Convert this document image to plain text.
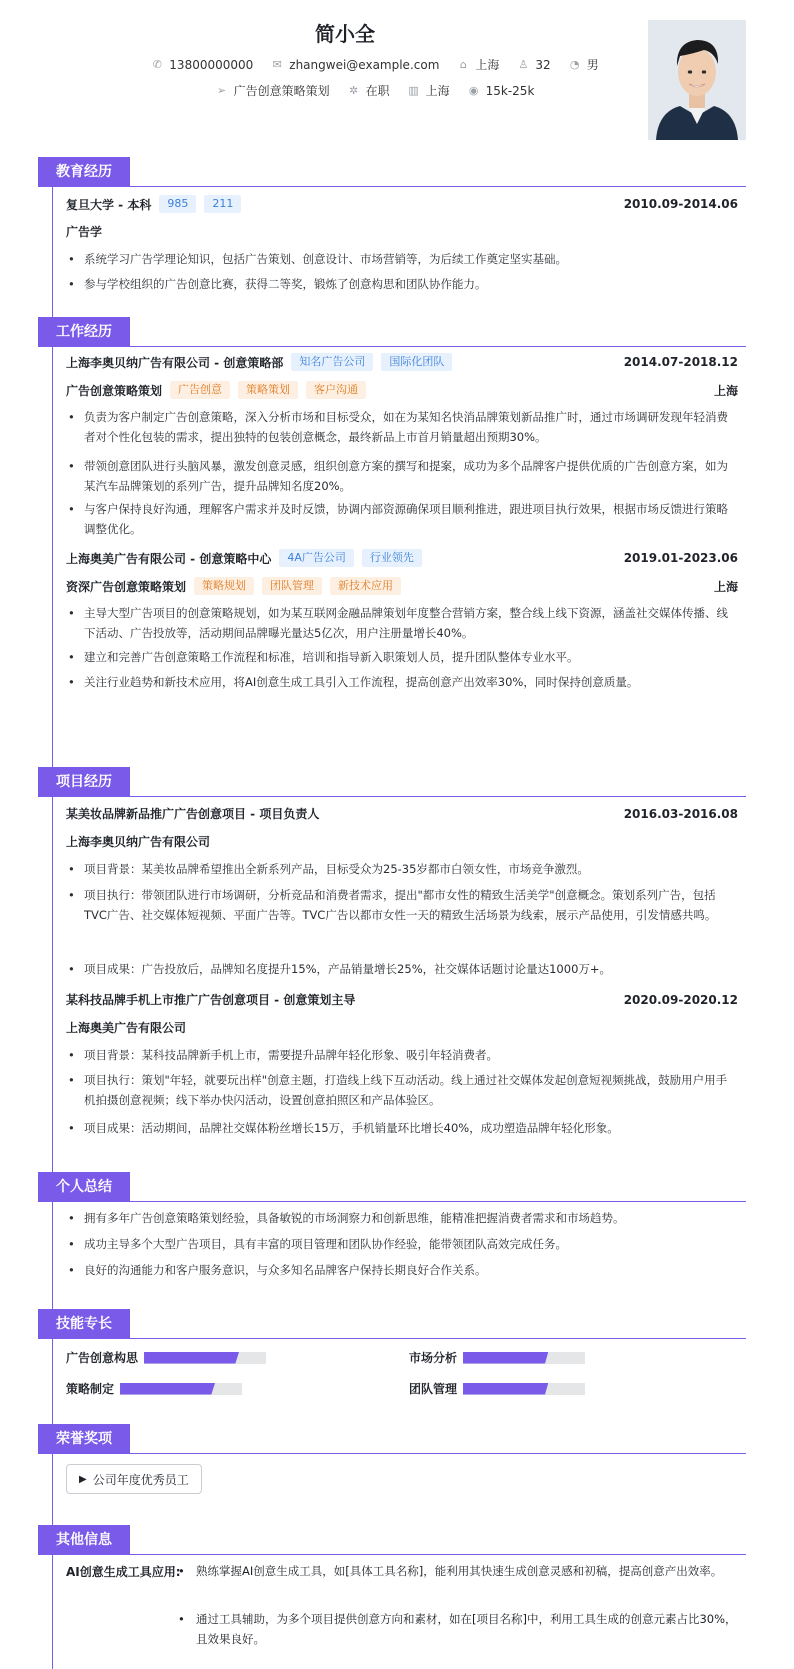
简小全
✆ 13800000000 ✉ zhangwei@example.com ⌂ 上海 ♙ 32 ◔ 男
➢ 广告创意策略策划 ✲ 在职 ▥ 上海 ◉ 15k-25k
教育经历
复旦大学 - 本科	985	211	2010.09-2014.06
广告学
• 系统学习广告学理论知识，包括广告策划、创意设计、市场营销等，为后续工作奠定坚实基础。
• 参与学校组织的广告创意比赛，获得二等奖，锻炼了创意构思和团队协作能力。
工作经历
上海李奥贝纳广告有限公司 - 创意策略部	知名广告公司	国际化团队	2014.07-2018.12
广告创意策略策划	广告创意	策略策划	客户沟通	上海
• 负责为客户制定广告创意策略，深入分析市场和目标受众，如在为某知名快消品牌策划新品推广时，通过市场调研发现年轻消费者对个性化包装的需求，提出独特的包装创意概念，最终新品上市首月销量超出预期30%。
• 带领创意团队进行头脑风暴，激发创意灵感，组织创意方案的撰写和提案，成功为多个品牌客户提供优质的广告创意方案，如为某汽车品牌策划的系列广告，提升品牌知名度20%。
• 与客户保持良好沟通，理解客户需求并及时反馈，协调内部资源确保项目顺利推进，跟进项目执行效果，根据市场反馈进行策略调整优化。
上海奥美广告有限公司 - 创意策略中心	4A广告公司	行业领先	2019.01-2023.06
资深广告创意策略策划	策略规划	团队管理	新技术应用	上海
• 主导大型广告项目的创意策略规划，如为某互联网金融品牌策划年度整合营销方案，整合线上线下资源，涵盖社交媒体传播、线下活动、广告投放等，活动期间品牌曝光量达5亿次，用户注册量增长40%。
• 建立和完善广告创意策略工作流程和标准，培训和指导新入职策划人员，提升团队整体专业水平。
• 关注行业趋势和新技术应用，将AI创意生成工具引入工作流程，提高创意产出效率30%，同时保持创意质量。
项目经历
某美妆品牌新品推广广告创意项目 - 项目负责人	2016.03-2016.08
上海李奥贝纳广告有限公司
• 项目背景：某美妆品牌希望推出全新系列产品，目标受众为25-35岁都市白领女性，市场竞争激烈。
• 项目执行：带领团队进行市场调研，分析竞品和消费者需求，提出"都市女性的精致生活美学"创意概念。策划系列广告，包括TVC广告、社交媒体短视频、平面广告等。TVC广告以都市女性一天的精致生活场景为线索，展示产品使用，引发情感共鸣。
• 项目成果：广告投放后，品牌知名度提升15%，产品销量增长25%，社交媒体话题讨论量达1000万+。
某科技品牌手机上市推广广告创意项目 - 创意策划主导	2020.09-2020.12
上海奥美广告有限公司
• 项目背景：某科技品牌新手机上市，需要提升品牌年轻化形象、吸引年轻消费者。
• 项目执行：策划"年轻，就要玩出样"创意主题，打造线上线下互动活动。线上通过社交媒体发起创意短视频挑战，鼓励用户用手机拍摄创意视频；线下举办快闪活动，设置创意拍照区和产品体验区。
• 项目成果：活动期间，品牌社交媒体粉丝增长15万，手机销量环比增长40%，成功塑造品牌年轻化形象。
个人总结
• 拥有多年广告创意策略策划经验，具备敏锐的市场洞察力和创新思维，能精准把握消费者需求和市场趋势。
• 成功主导多个大型广告项目，具有丰富的项目管理和团队协作经验，能带领团队高效完成任务。
• 良好的沟通能力和客户服务意识，与众多知名品牌客户保持长期良好合作关系。
技能专长
广告创意构思	市场分析
策略制定	团队管理
荣誉奖项
▶ 公司年度优秀员工
其他信息
AI创意生成工具应用:
•	熟练掌握AI创意生成工具，如[具体工具名称]，能利用其快速生成创意灵感和初稿，提高创意产出效率。
• 通过工具辅助，为多个项目提供创意方向和素材，如在[项目名称]中，利用工具生成的创意元素占比30%，且效果良好。
